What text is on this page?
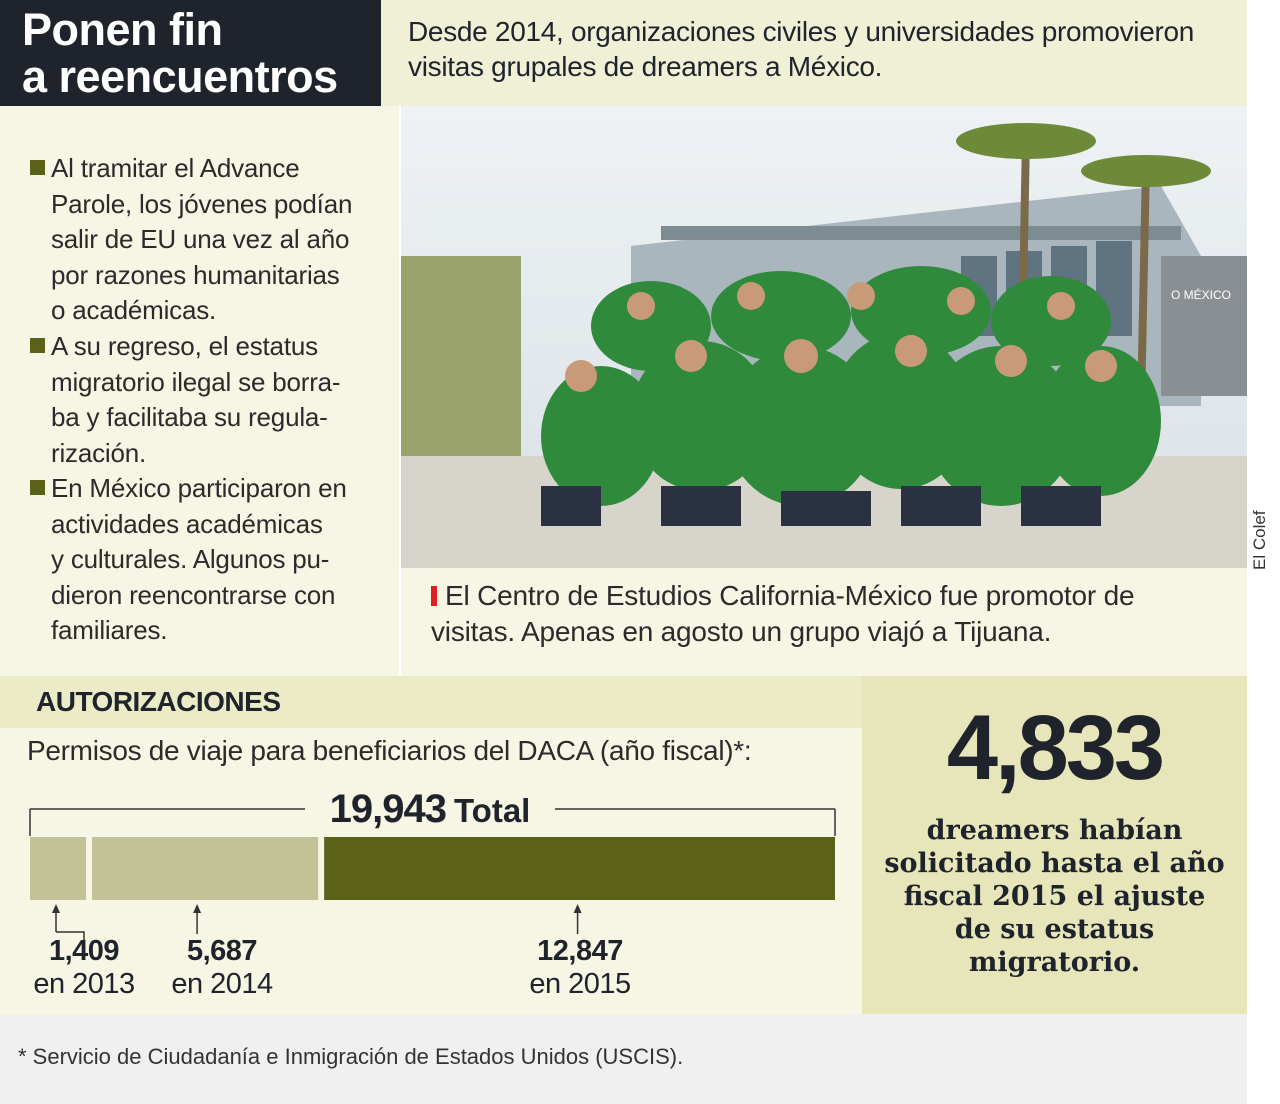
Ponen fin
a reencuentros
Desde 2014, organizaciones civiles y universidades promovieron
visitas grupales de dreamers a México.
Al tramitar el Advance
Parole, los jóvenes podían
salir de EU una vez al año
por razones humanitarias
o académicas.
A su regreso, el estatus
migratorio ilegal se borra-
ba y facilitaba su regula-
rización.
En México participaron en
actividades académicas
y culturales. Algunos pu-
dieron reencontrarse con
familiares.
O MÉXICO
El Colef
El Centro de Estudios California-México fue promotor de visitas. Apenas en agosto un grupo viajó a Tijuana.
AUTORIZACIONES
Permisos de viaje para beneficiarios del DACA (año fiscal)*:
19,943 Total
1,409
en 2013
5,687
en 2014
12,847
en 2015
4,833
dreamers habían
solicitado hasta el año
fiscal 2015 el ajuste
de su estatus
migratorio.
* Servicio de Ciudadanía e Inmigración de Estados Unidos (USCIS).
